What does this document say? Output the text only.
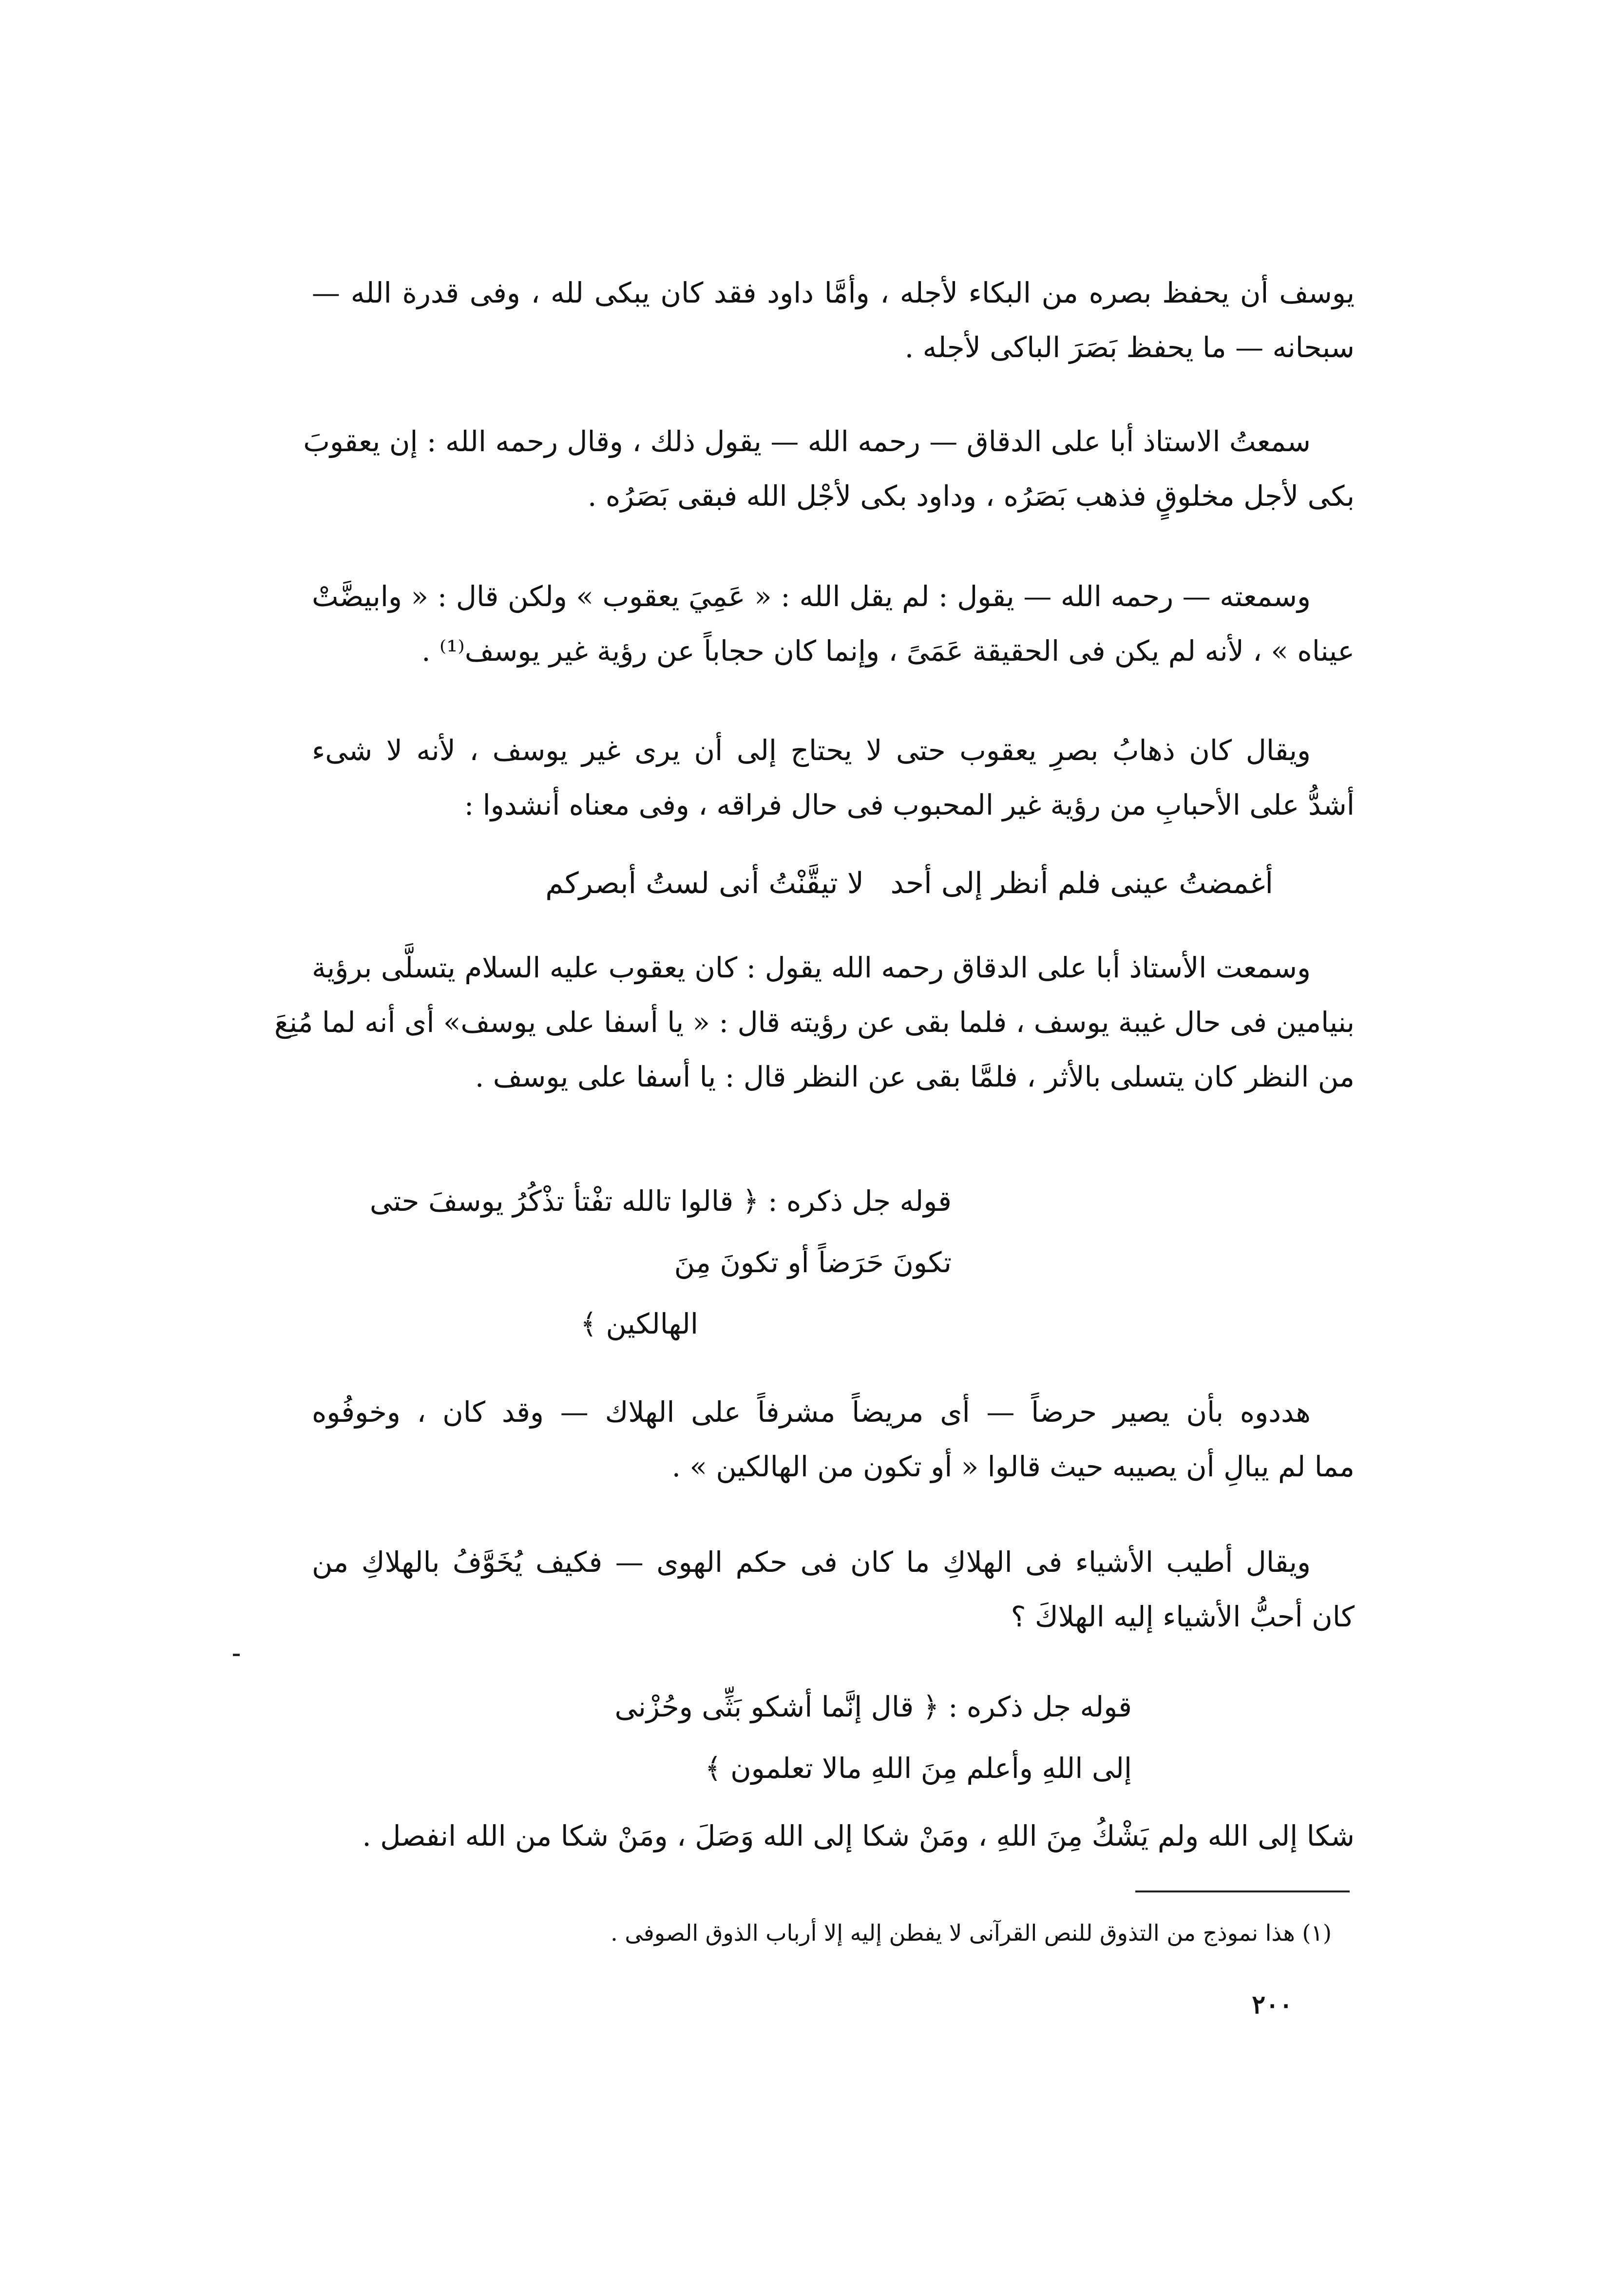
يوسف أن يحفظ بصره من البكاء لأجله ، وأمَّا داود فقد كان يبكى لله ، وفى قدرة الله —
سبحانه — ما يحفظ بَصَرَ الباكى لأجله .
سمعتُ الاستاذ أبا على الدقاق — رحمه الله — يقول ذلك ، وقال رحمه الله : إن يعقوبَ
بكى لأجل مخلوقٍ فذهب بَصَرُه ، وداود بكى لأجْل الله فبقى بَصَرُه .
وسمعته — رحمه الله — يقول : لم يقل الله : « عَمِيَ يعقوب » ولكن قال : « وابيضَّتْ
عيناه » ، لأنه لم يكن فى الحقيقة عَمَىً ، وإنما كان حجاباً عن رؤية غير يوسف⁽¹⁾ .
ويقال كان ذهابُ بصرِ يعقوب حتى لا يحتاج إلى أن يرى غير يوسف ، لأنه لا شىء
أشدُّ على الأحبابِ من رؤية غير المحبوب فى حال فراقه ، وفى معناه أنشدوا :
لا تيقَّنْتُ أنى لستُ أبصركم أغمضتُ عينى فلم أنظر إلى أحد
وسمعت الأستاذ أبا على الدقاق رحمه الله يقول : كان يعقوب عليه السلام يتسلَّى برؤية
بنيامين فى حال غيبة يوسف ، فلما بقى عن رؤيته قال : « يا أسفا على يوسف» أى أنه لما مُنِعَ
من النظر كان يتسلى بالأثر ، فلمَّا بقى عن النظر قال : يا أسفا على يوسف .
قوله جل ذكره : ﴿ قالوا تالله تفْتأ تذْكُرُ يوسفَ حتى
تكونَ حَرَضاً أو تكونَ مِنَ
الهالكين ﴾
هددوه بأن يصير حرضاً — أى مريضاً مشرفاً على الهلاك — وقد كان ، وخوفُوه
مما لم يبالِ أن يصيبه حيث قالوا « أو تكون من الهالكين » .
ويقال أطيب الأشياء فى الهلاكِ ما كان فى حكم الهوى — فكيف يُخَوَّفُ بالهلاكِ من
كان أحبُّ الأشياء إليه الهلاكَ ؟
قوله جل ذكره : ﴿ قال إنَّما أشكو بَثِّى وحُزْنى
إلى اللهِ وأعلم مِنَ اللهِ مالا تعلمون ﴾
شكا إلى الله ولم يَشْكُ مِنَ اللهِ ، ومَنْ شكا إلى الله وَصَلَ ، ومَنْ شكا من الله انفصل .
(١) هذا نموذج من التذوق للنص القرآنى لا يفطن إليه إلا أرباب الذوق الصوفى .
٢٠٠
